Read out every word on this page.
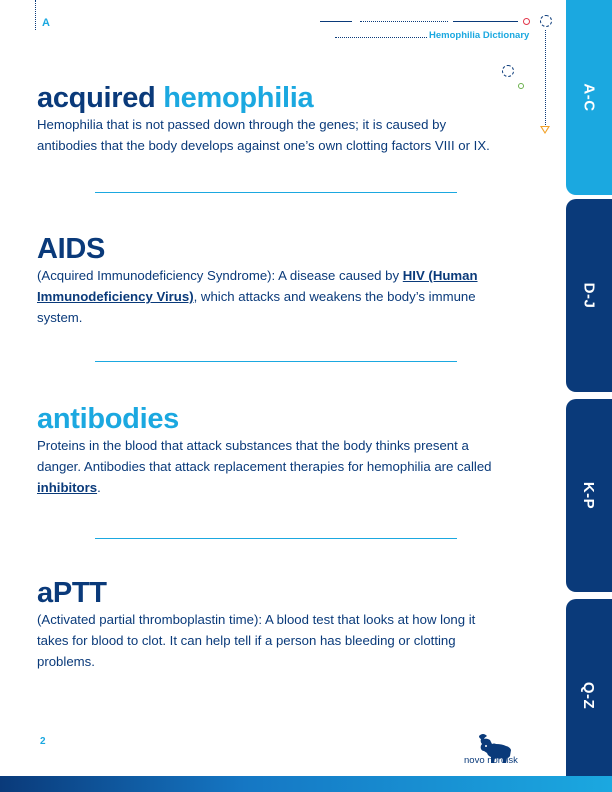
A
Hemophilia Dictionary
acquired hemophilia
Hemophilia that is not passed down through the genes; it is caused by antibodies that the body develops against one’s own clotting factors VIII or IX.
AIDS
(Acquired Immunodeficiency Syndrome): A disease caused by HIV (Human Immunodeficiency Virus), which attacks and weakens the body’s immune system.
antibodies
Proteins in the blood that attack substances that the body thinks present a danger. Antibodies that attack replacement therapies for hemophilia are called inhibitors.
aPTT
(Activated partial thromboplastin time): A blood test that looks at how long it takes for blood to clot. It can help tell if a person has bleeding or clotting problems.
A-C
D-J
K-P
Q-Z
2
novo nordisk
